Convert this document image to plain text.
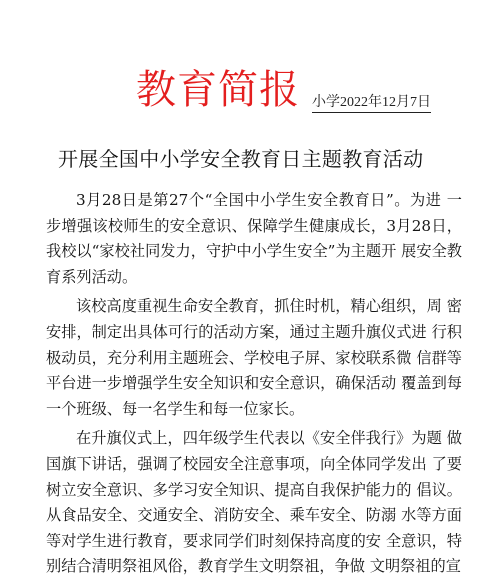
教育简报 小学2022年12月7日
开展全国中小学安全教育日主题教育活动

3月28日是第27个“全国中小学生安全教育日”。为进 一步增强该校师生的安全意识、保障学生健康成长，3月28日，我校以“家校社同发力，守护中小学生安全”为主题开 展安全教育系列活动。

该校高度重视生命安全教育，抓住时机，精心组织，周 密安排，制定出具体可行的活动方案，通过主题升旗仪式进 行积极动员，充分利用主题班会、学校电子屏、家校联系微 信群等平台进一步增强学生安全知识和安全意识，确保活动 覆盖到每一个班级、每一名学生和每一位家长。

在升旗仪式上，四年级学生代表以《安全伴我行》为题 做国旗下讲话，强调了校园安全注意事项，向全体同学发出 了要树立安全意识、多学习安全知识、提高自我保护能力的 倡议。从食品安全、交通安全、消防安全、乘车安全、防溺 水等方面等对学生进行教育，要求同学们时刻保持高度的安 全意识，特别结合清明祭祖风俗，教育学生文明祭祖，争做 文明祭祖的宣
